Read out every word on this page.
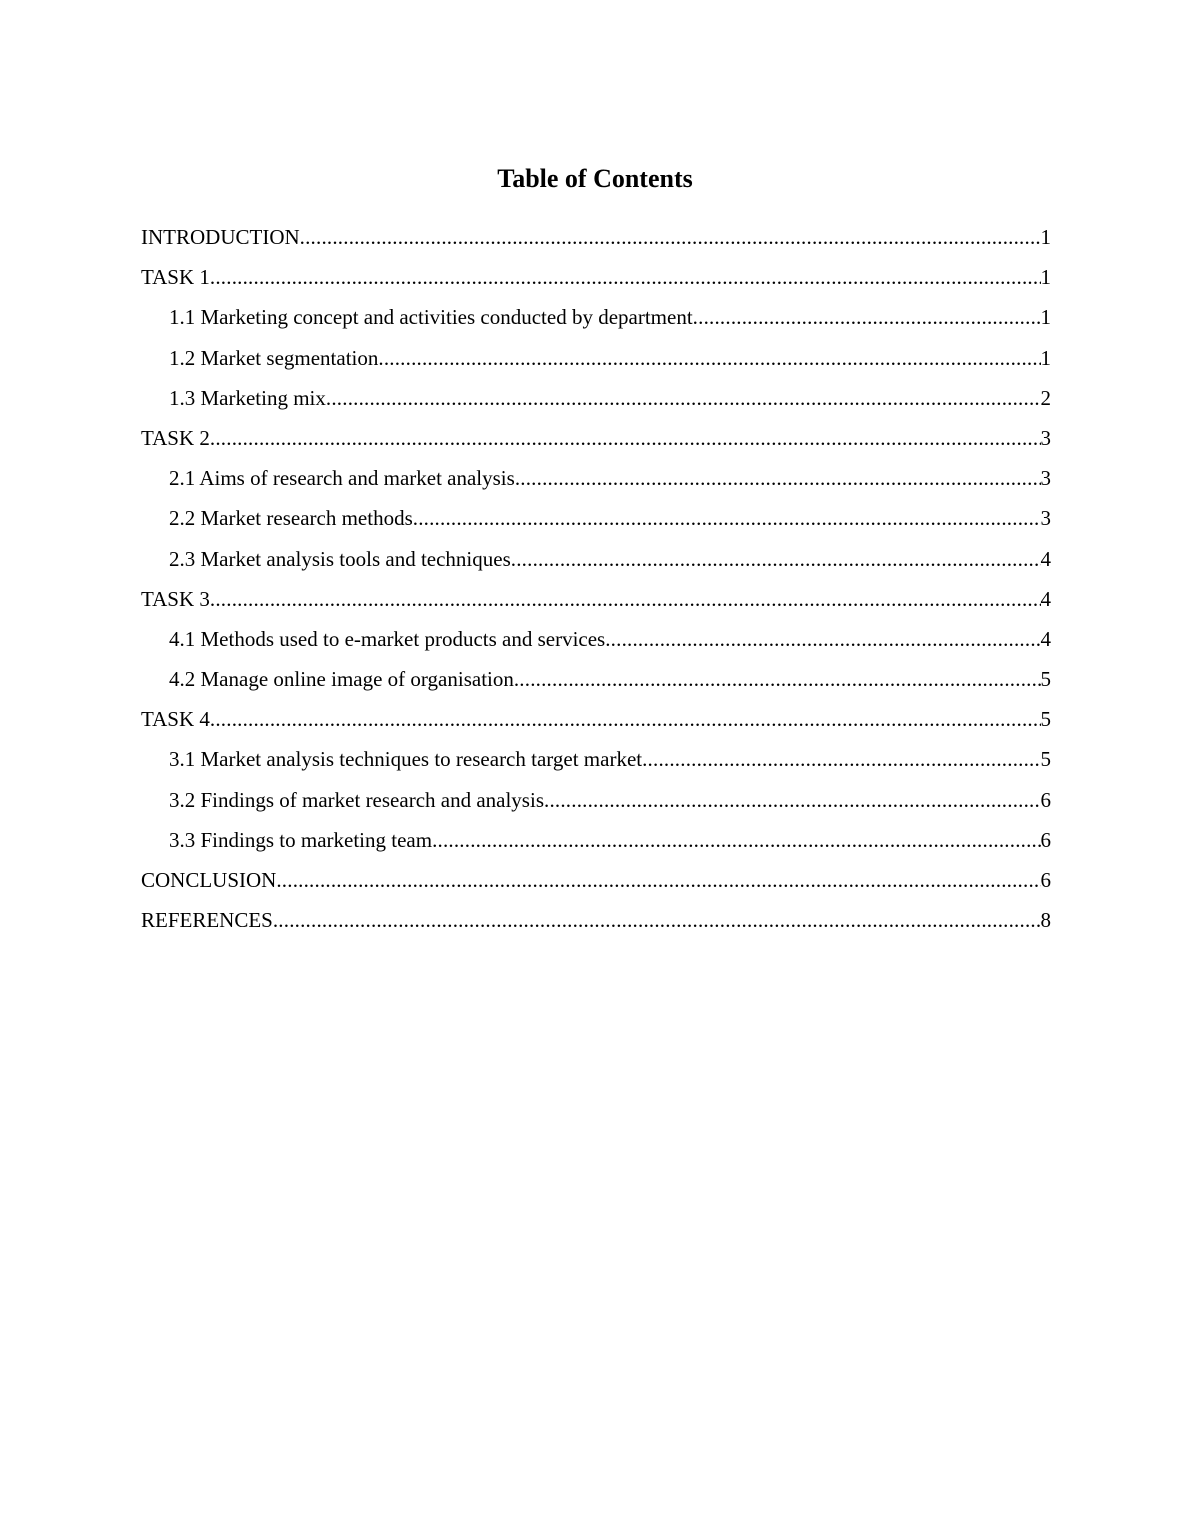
Table of Contents
INTRODUCTION .....	1
TASK 1 .....	1
1.1 Marketing concept and activities conducted by department .....	1
1.2 Market segmentation .....	1
1.3 Marketing mix .....	2
TASK 2 .....	3
2.1 Aims of research and market analysis .....	3
2.2 Market research methods .....	3
2.3 Market analysis tools and techniques .....	4
TASK 3 .....	4
4.1 Methods used to e-market products and services .....	4
4.2 Manage online image of organisation .....	5
TASK 4 .....	5
3.1 Market analysis techniques to research target market .....	5
3.2 Findings of market research and analysis .....	6
3.3 Findings to marketing team .....	6
CONCLUSION .....	6
REFERENCES .....	8
